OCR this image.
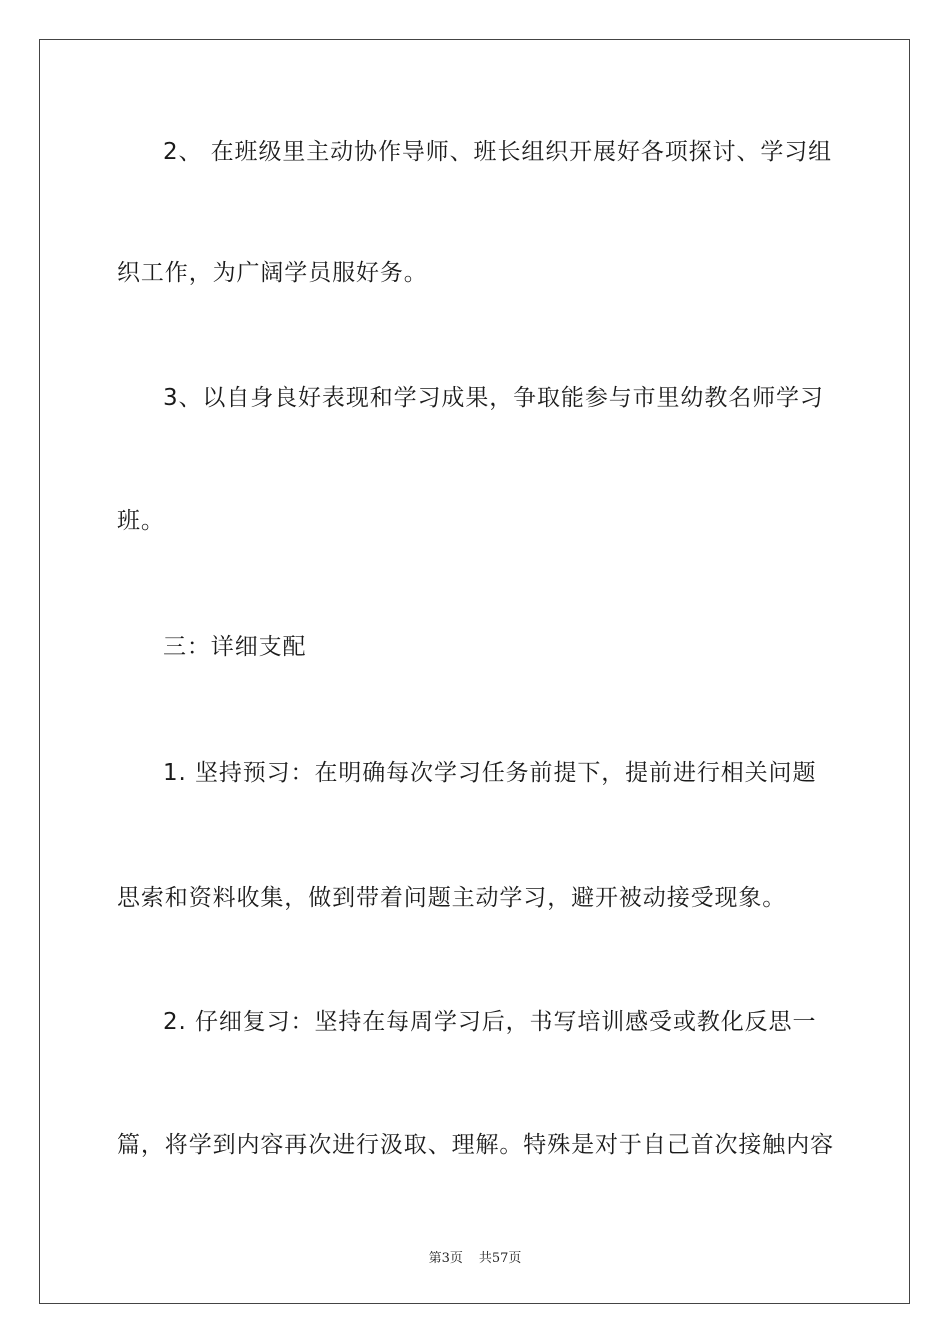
2、 在班级里主动协作导师、班长组织开展好各项探讨、学习组
织工作，为广阔学员服好务。
3、以自身良好表现和学习成果，争取能参与市里幼教名师学习
班。
三：详细支配
1. 坚持预习：在明确每次学习任务前提下，提前进行相关问题
思索和资料收集，做到带着问题主动学习，避开被动接受现象。
2. 仔细复习：坚持在每周学习后，书写培训感受或教化反思一
篇，将学到内容再次进行汲取、理解。特殊是对于自己首次接触内容
第3页 共57页
